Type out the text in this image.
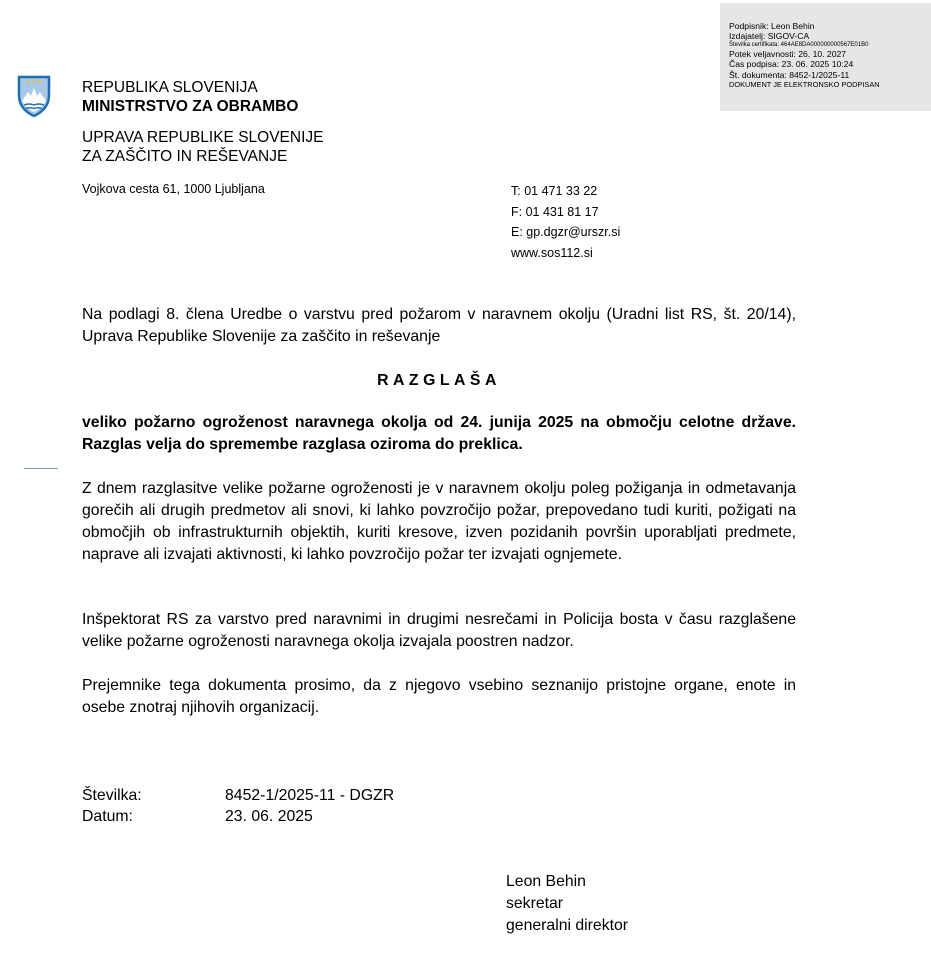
Podpisnik: Leon Behin
Izdajatelj: SIGOV-CA
Številka certifikata: 464AE8DA000000000567E01B0
Potek veljavnosti: 26. 10. 2027
Čas podpisa: 23. 06. 2025 10:24
Št. dokumenta: 8452-1/2025-11
DOKUMENT JE ELEKTRONSKO PODPISAN
REPUBLIKA SLOVENIJA
MINISTRSTVO ZA OBRAMBO
UPRAVA REPUBLIKE SLOVENIJE
ZA ZAŠČITO IN REŠEVANJE
Vojkova cesta 61, 1000 Ljubljana	T: 01 471 33 22
F: 01 431 81 17
E: gp.dgzr@urszr.si
www.sos112.si
Na podlagi 8. člena Uredbe o varstvu pred požarom v naravnem okolju (Uradni list RS, št. 20/14), Uprava Republike Slovenije za zaščito in reševanje
RAZGLAŠA
veliko požarno ogroženost naravnega okolja od 24. junija 2025 na območju celotne države. Razglas velja do spremembe razglasa oziroma do preklica.
Z dnem razglasitve velike požarne ogroženosti je v naravnem okolju poleg požiganja in odmetavanja gorečih ali drugih predmetov ali snovi, ki lahko povzročijo požar, prepovedano tudi kuriti, požigati na območjih ob infrastrukturnih objektih, kuriti kresove, izven pozidanih površin uporabljati predmete, naprave ali izvajati aktivnosti, ki lahko povzročijo požar ter izvajati ognjemete.
Inšpektorat RS za varstvo pred naravnimi in drugimi nesrečami in Policija bosta v času razglašene velike požarne ogroženosti naravnega okolja izvajala poostren nadzor.
Prejemnike tega dokumenta prosimo, da z njegovo vsebino seznanijo pristojne organe, enote in osebe znotraj njihovih organizacij.
Številka:	8452-1/2025-11 - DGZR
Datum:	23. 06. 2025
Leon Behin
sekretar
generalni direktor
